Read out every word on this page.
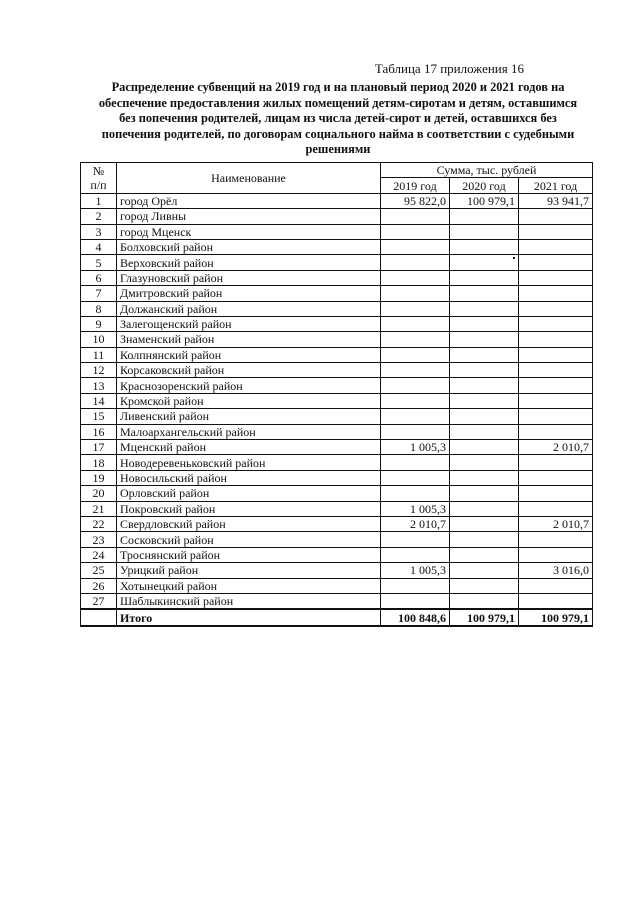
Таблица 17 приложения 16
Распределение субвенций на 2019 год и на плановый период 2020 и 2021 годов на
обеспечение предоставления жилых помещений детям-сиротам и детям, оставшимся
без попечения родителей, лицам из числа детей-сирот и детей, оставшихся без
попечения родителей, по договорам социального найма в соответствии с судебными
решениями
№
п/п	Наименование	Сумма, тыс. рублей		
		2019 год	2020 год	2021 год
1	город Орёл	95 822,0	100 979,1	93 941,7
2	город Ливны			
3	город Мценск			
4	Болховский район			
5	Верховский район			
6	Глазуновский район			
7	Дмитровский район			
8	Должанский район			
9	Залегощенский район			
10	Знаменский район			
11	Колпнянский район			
12	Корсаковский район			
13	Краснозоренский район			
14	Кромской район			
15	Ливенский район			
16	Малоархангельский район			
17	Мценский район	1 005,3		2 010,7
18	Новодеревеньковский район			
19	Новосильский район			
20	Орловский район			
21	Покровский район	1 005,3		
22	Свердловский район	2 010,7		2 010,7
23	Сосковский район			
24	Троснянский район			
25	Урицкий район	1 005,3		3 016,0
26	Хотынецкий район			
27	Шаблыкинский район			
	Итого	100 848,6	100 979,1	100 979,1
